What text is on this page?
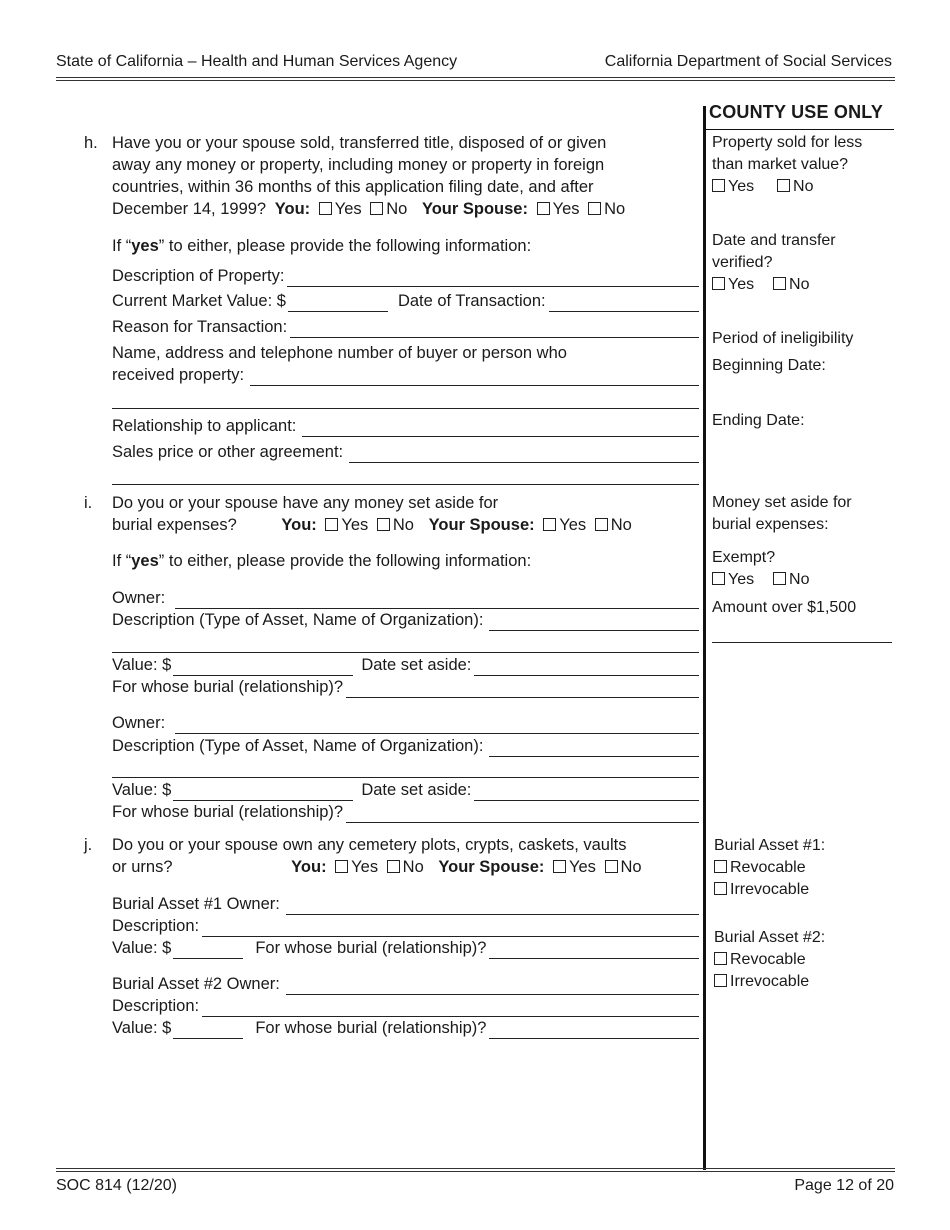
State of California – Health and Human Services Agency	California Department of Social Services
COUNTY USE ONLY
Property sold for less
than market value?
Yes No
Date and transfer
verified?
Yes No
Period of ineligibility
Beginning Date:
Ending Date:
Money set aside for
burial expenses:
Exempt?
Yes No
Amount over $1,500
Burial Asset #1:
Revocable
Irrevocable
Burial Asset #2:
Revocable
Irrevocable
h. Have you or your spouse sold, transferred title, disposed of or given
away any money or property, including money or property in foreign
countries, within 36 months of this application filing date, and after
December 14, 1999? You: Yes No Your Spouse: Yes No
If “yes” to either, please provide the following information:
Description of Property:
Current Market Value: $	Date of Transaction:
Reason for Transaction:
Name, address and telephone number of buyer or person who
received property:
Relationship to applicant:
Sales price or other agreement:
i. Do you or your spouse have any money set aside for
burial expenses?	You: Yes No Your Spouse: Yes No
If “yes” to either, please provide the following information:
Owner:
Description (Type of Asset, Name of Organization):
Value: $	Date set aside:
For whose burial (relationship)?
Owner:
Description (Type of Asset, Name of Organization):
Value: $	Date set aside:
For whose burial (relationship)?
j. Do you or your spouse own any cemetery plots, crypts, caskets, vaults
or urns?	You: Yes No Your Spouse: Yes No
Burial Asset #1 Owner:
Description:
Value: $	For whose burial (relationship)?
Burial Asset #2 Owner:
Description:
Value: $	For whose burial (relationship)?
SOC 814 (12/20)	Page 12 of 20
